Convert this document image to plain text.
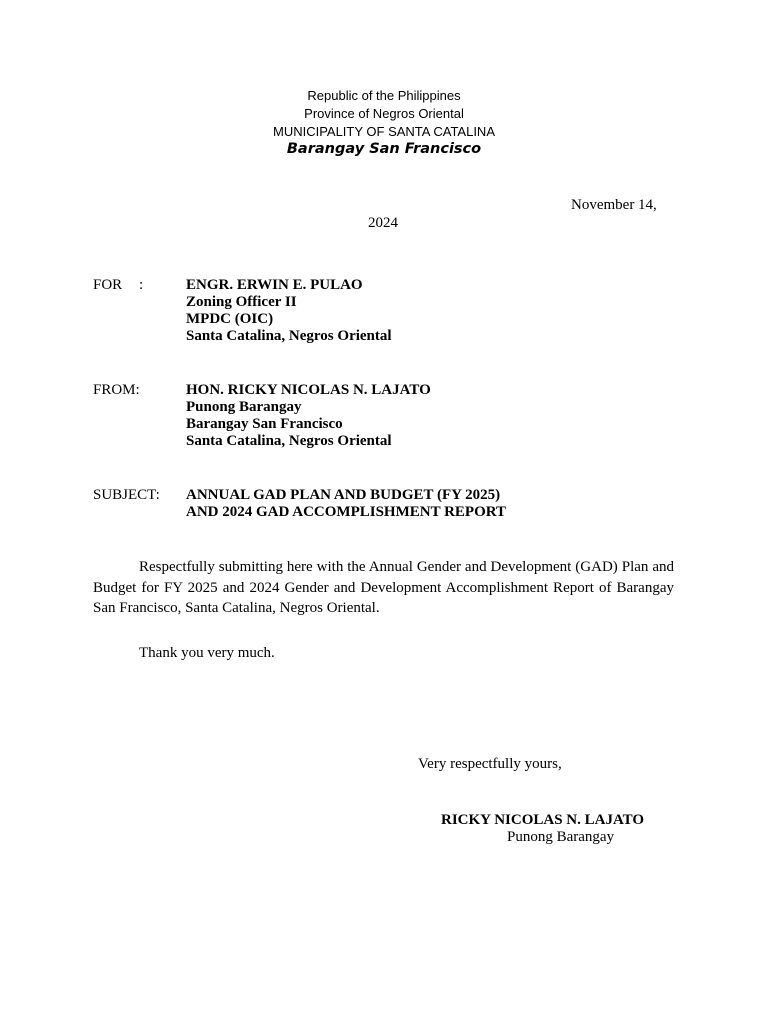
Republic of the Philippines
Province of Negros Oriental
MUNICIPALITY OF SANTA CATALINA
Barangay San Francisco
November 14,
2024
FOR :	ENGR. ERWIN E. PULAO
Zoning Officer II
MPDC (OIC)
Santa Catalina, Negros Oriental
FROM:	HON. RICKY NICOLAS N. LAJATO
Punong Barangay
Barangay San Francisco
Santa Catalina, Negros Oriental
SUBJECT: ANNUAL GAD PLAN AND BUDGET (FY 2025)
AND 2024 GAD ACCOMPLISHMENT REPORT
Respectfully submitting here with the Annual Gender and Development (GAD) Plan and Budget for FY 2025 and 2024 Gender and Development Accomplishment Report of Barangay San Francisco, Santa Catalina, Negros Oriental.
Thank you very much.
Very respectfully yours,
RICKY NICOLAS N. LAJATO
Punong Barangay
